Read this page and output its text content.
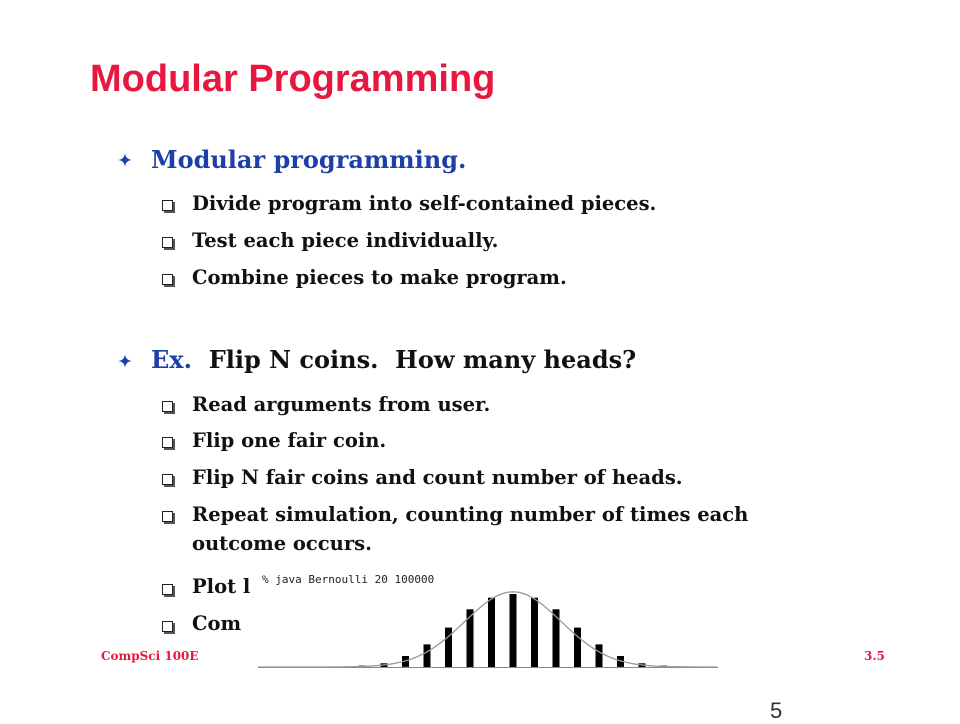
Modular Programming
Modular programming.
Divide program into self-contained pieces.
Test each piece individually.
Combine pieces to make program.
Ex. Flip N coins.  How many heads?
Read arguments from user.
Flip one fair coin.
Flip N fair coins and count number of heads.
Repeat simulation, counting number of times each
outcome occurs.
Plot l
Com
% java Bernoulli 20 100000
CompSci 100E	3.5
5
